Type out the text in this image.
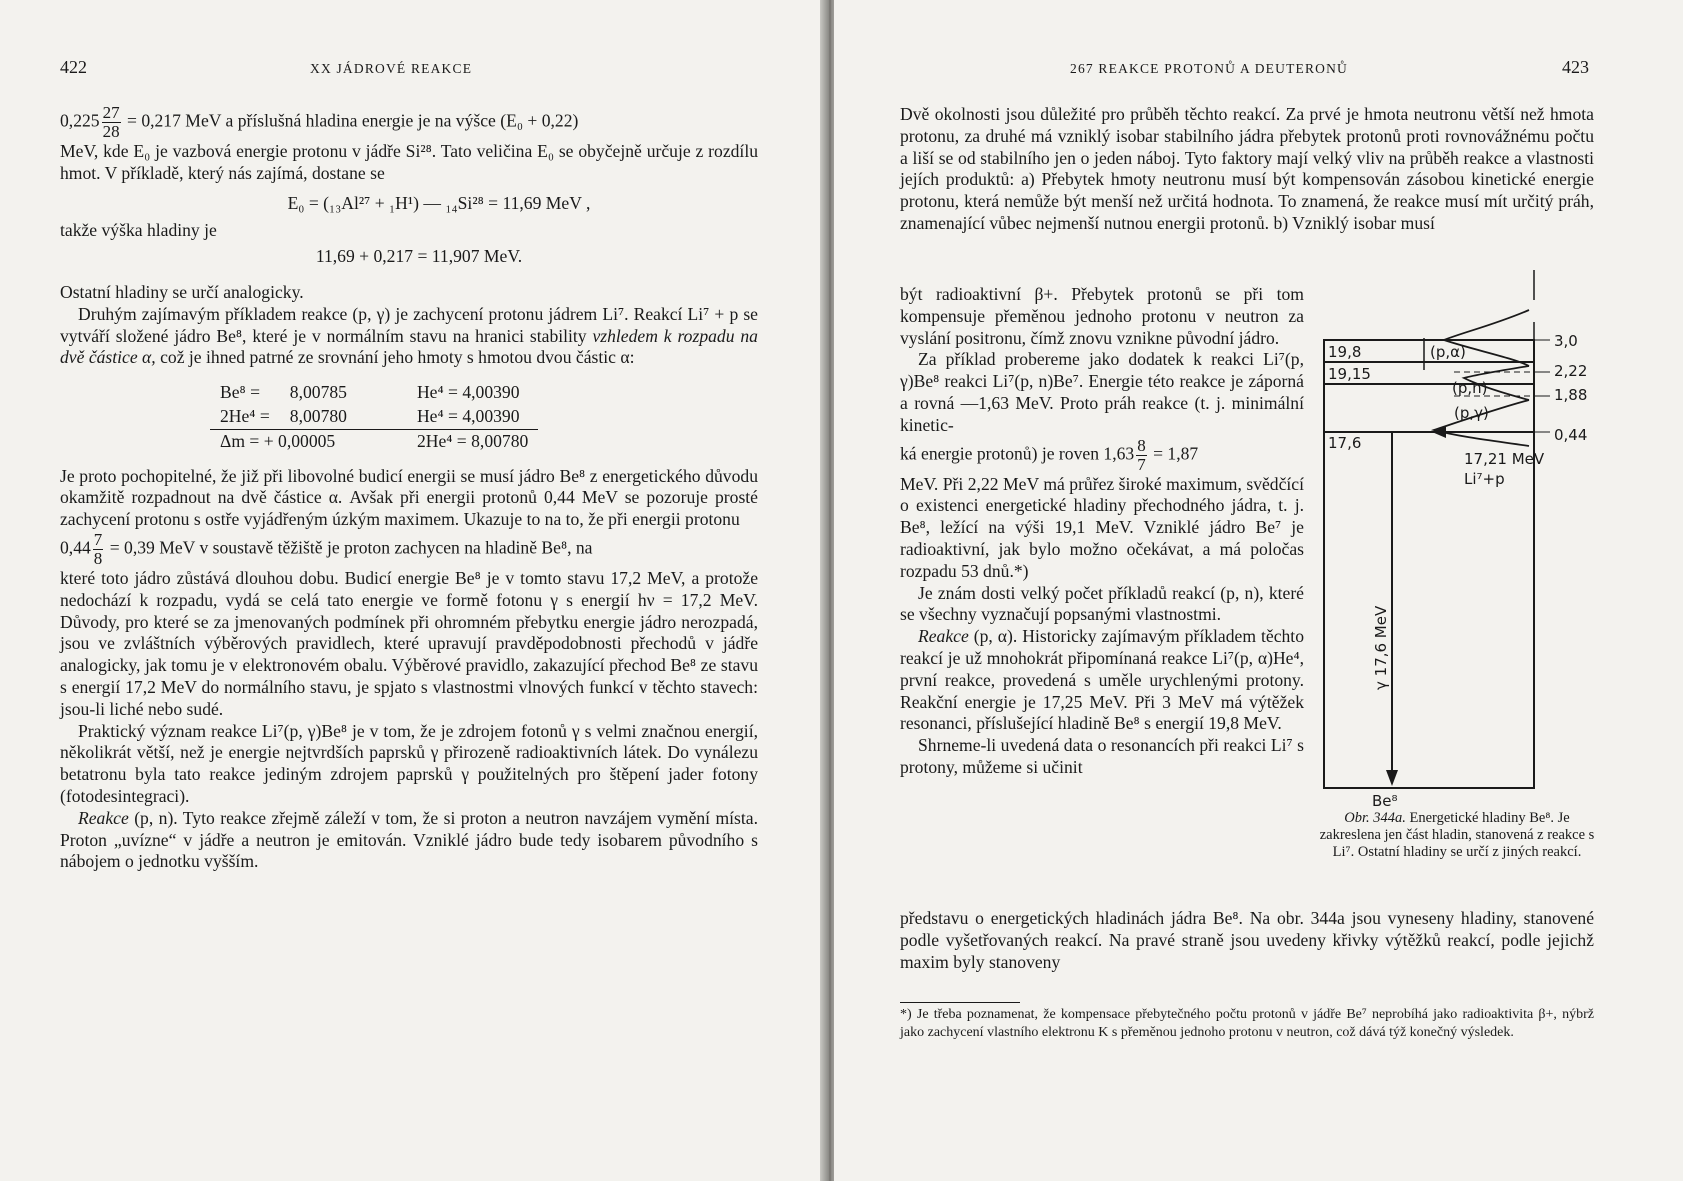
422	XX JÁDROVÉ REAKCE

$0,225 \frac{27}{28} = 0,217$ MeV a příslušná hladina energie je na výšce (E₀ + 0,22)

MeV, kde E₀ je vazbová energie protonu v jádře Si²⁸. Tato veličina E₀ se obyčejně určuje z rozdílu hmot. V příkladě, který nás zajímá, dostane se

E₀ = (₁₃Al²⁷ + ₁H¹) — ₁₄Si²⁸ = 11,69 MeV ,

takže výška hladiny je

11,69 + 0,217 = 11,907 MeV.

Ostatní hladiny se určí analogicky.

Druhým zajímavým příkladem reakce (p, γ) je zachycení protonu jádrem Li⁷. Reakcí Li⁷ + p se vytváří složené jádro Be⁸, které je v normálním stavu na hranici stability vzhledem k rozpadu na dvě částice α, což je ihned patrné ze srovnání jeho hmoty s hmotou dvou částic α:

Be⁸ =	8,00785	He⁴ = 4,00390
2He⁴ =	8,00780	He⁴ = 4,00390
Δm = + 0,00005		2He⁴ = 8,00780

Je proto pochopitelné, že již při libovolné budicí energii se musí jádro Be⁸ z energetického důvodu okamžitě rozpadnout na dvě částice α. Avšak při energii protonů 0,44 MeV se pozoruje prosté zachycení protonu s ostře vyjádřeným úzkým maximem. Ukazuje to na to, že při energii protonu

$0,44 \frac{7}{8} = 0,39$ MeV v soustavě těžiště je proton zachycen na hladině Be⁸, na

které toto jádro zůstává dlouhou dobu. Budicí energie Be⁸ je v tomto stavu 17,2 MeV, a protože nedochází k rozpadu, vydá se celá tato energie ve formě fotonu γ s energií hν = 17,2 MeV. Důvody, pro které se za jmenovaných podmínek při ohromném přebytku energie jádro nerozpadá, jsou ve zvláštních výběrových pravidlech, které upravují pravděpodobnosti přechodů v jádře analogicky, jak tomu je v elektronovém obalu. Výběrové pravidlo, zakazující přechod Be⁸ ze stavu s energií 17,2 MeV do normálního stavu, je spjato s vlastnostmi vlnových funkcí v těchto stavech: jsou-li liché nebo sudé.

Praktický význam reakce Li⁷(p, γ)Be⁸ je v tom, že je zdrojem fotonů γ s velmi značnou energií, několikrát větší, než je energie nejtvrdších paprsků γ přirozeně radioaktivních látek. Do vynálezu betatronu byla tato reakce jediným zdrojem paprsků γ použitelných pro štěpení jader fotony (fotodesintegraci).

Reakce (p, n). Tyto reakce zřejmě záleží v tom, že si proton a neutron navzájem vymění místa. Proton „uvízne“ v jádře a neutron je emitován. Vzniklé jádro bude tedy isobarem původního s nábojem o jednotku vyšším.

267 REAKCE PROTONŮ A DEUTERONŮ	423
Dvě okolnosti jsou důležité pro průběh těchto reakcí. Za prvé je hmota neutronu větší než hmota protonu, za druhé má vzniklý isobar stabilního jádra přebytek protonů proti rovnovážnému počtu a liší se od stabilního jen o jeden náboj. Tyto faktory mají velký vliv na průběh reakce a vlastnosti jejích produktů: a) Přebytek hmoty neutronu musí být kompensován zásobou kinetické energie protonu, která nemůže být menší než určitá hodnota. To znamená, že reakce musí mít určitý práh, znamenající vůbec nejmenší nutnou energii protonů. b) Vzniklý isobar musí

být radioaktivní β+. Přebytek protonů se při tom kompensuje přeměnou jednoho protonu v neutron za vyslání positronu, čímž znovu vznikne původní jádro.

Za příklad probereme jako dodatek k reakci Li⁷(p, γ)Be⁸ reakci Li⁷(p, n)Be⁷. Energie této reakce je záporná a rovná —1,63 MeV. Proto práh reakce (t. j. minimální kinetic-

ká energie protonů) je roven $1,63 \frac{8}{7} = 1,87$

MeV. Při 2,22 MeV má průřez široké maximum, svědčící o existenci energetické hladiny přechodného jádra, t. j. Be⁸, ležící na výši 19,1 MeV. Vzniklé jádro Be⁷ je radioaktivní, jak bylo možno očekávat, a má poločas rozpadu 53 dnů.*)

Je znám dosti velký počet příkladů reakcí (p, n), které se všechny vyznačují popsanými vlastnostmi.

Reakce (p, α). Historicky zajímavým příkladem těchto reakcí je už mnohokrát připomínaná reakce Li⁷(p, α)He⁴, první reakce, provedená s uměle urychlenými protony. Reakční energie je 17,25 MeV. Při 3 MeV má výtěžek resonanci, příslušející hladině Be⁸ s energií 19,8 MeV.

Shrneme-li uvedená data o resonancích při reakci Li⁷ s protony, můžeme si učinit

představu o energetických hladinách jádra Be⁸. Na obr. 344a jsou vyneseny hladiny, stanovené podle vyšetřovaných reakcí. Na pravé straně jsou uvedeny křivky výtěžků reakcí, podle jejichž maxim byly stanoveny
19,8
19,15
17,6
(p,α)
(p,n)
(p,γ)
3,0
2,22
1,88
0,44
17,21 MeV
Li⁷+p
γ 17,6 MeV
Be⁸
Obr. 344a. Energetické hladiny Be⁸. Je zakreslena jen část hladin, stanovená z reakce s Li⁷. Ostatní hladiny se určí z jiných reakcí.
*) Je třeba poznamenat, že kompensace přebytečného počtu protonů v jádře Be⁷ neprobíhá jako radioaktivita β+, nýbrž jako zachycení vlastního elektronu K s přeměnou jednoho protonu v neutron, což dává týž konečný výsledek.
